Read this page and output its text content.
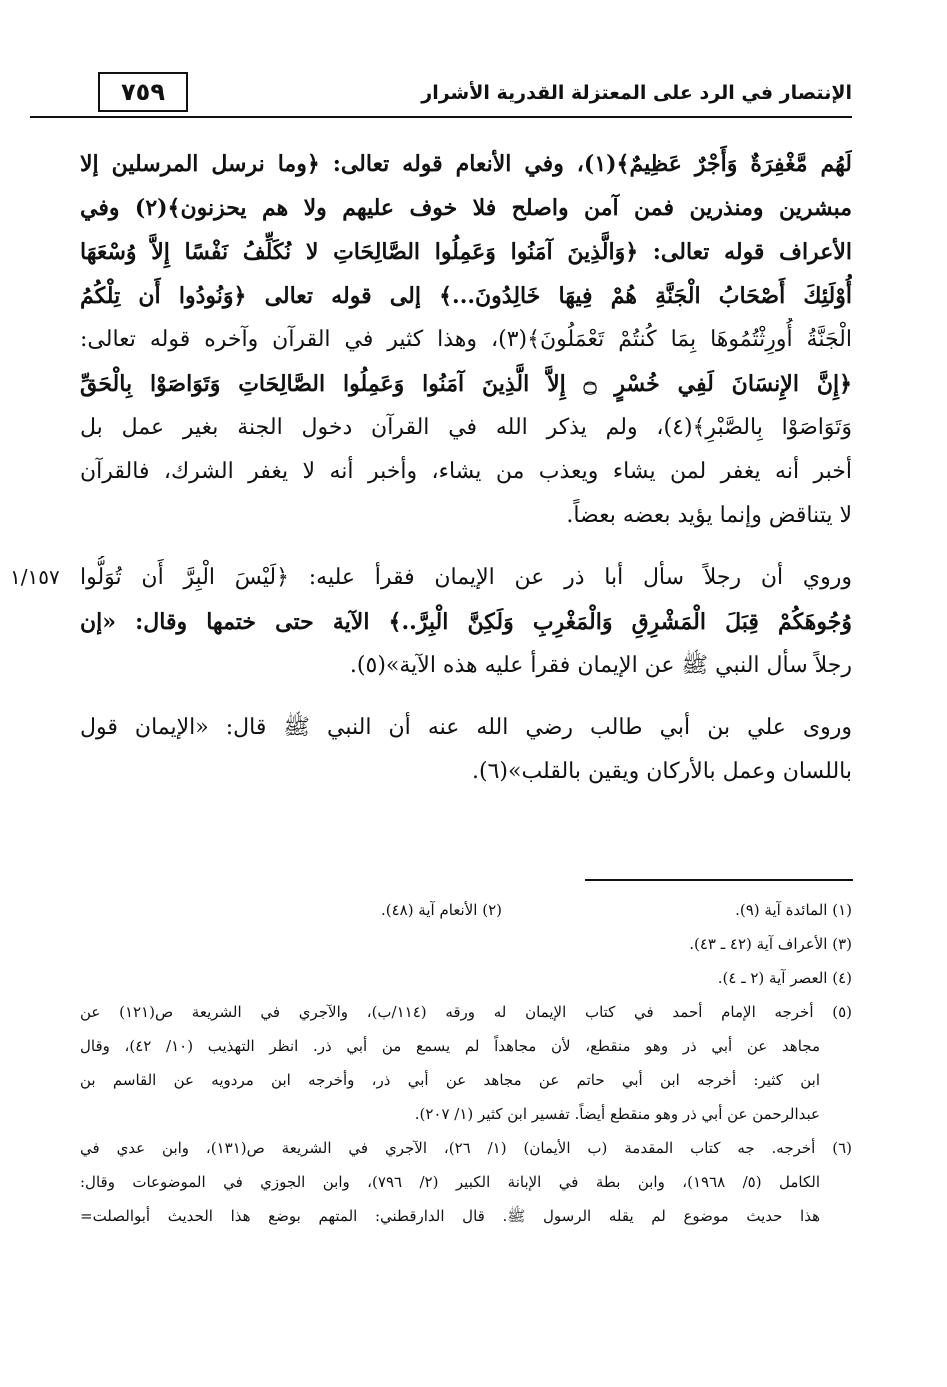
٧٥٩	الإنتصار في الرد على المعتزلة القدرية الأشرار
١/١٥٧
لَهُم مَّغْفِرَةٌ وَأَجْرٌ عَظِيمٌ﴾(١)، وفي الأنعام قوله تعالى: ﴿وما نرسل المرسلين إلا
مبشرين ومنذرين فمن آمن واصلح فلا خوف عليهم ولا هم يحزنون﴾(٢) وفي
الأعراف قوله تعالى: ﴿وَالَّذِينَ آمَنُوا وَعَمِلُوا الصَّالِحَاتِ لا نُكَلِّفُ نَفْسًا إِلاَّ وُسْعَهَا
أُوْلَئِكَ أَصْحَابُ الْجَنَّةِ هُمْ فِيهَا خَالِدُونَ...﴾ إلى قوله تعالى ﴿وَنُودُوا أَن تِلْكُمُ
الْجَنَّةُ أُورِثْتُمُوهَا بِمَا كُنتُمْ تَعْمَلُونَ﴾(٣)، وهذا كثير في القرآن وآخره قوله تعالى:
﴿إِنَّ الإِنسَانَ لَفِي خُسْرٍ ۝ إِلاَّ الَّذِينَ آمَنُوا وَعَمِلُوا الصَّالِحَاتِ وَتَوَاصَوْا بِالْحَقِّ
وَتَوَاصَوْا بِالصَّبْرِ﴾(٤)، ولم يذكر الله في القرآن دخول الجنة بغير عمل بل
أخبر أنه يغفر لمن يشاء ويعذب من يشاء، وأخبر أنه لا يغفر الشرك، فالقرآن
لا يتناقض وإنما يؤيد بعضه بعضاً.
وروي أن رجلاً سأل أبا ذر عن الإيمان فقرأ عليه: ﴿لَيْسَ الْبِرَّ أَن تُوَلُّوا
وُجُوهَكُمْ قِبَلَ الْمَشْرِقِ وَالْمَغْرِبِ وَلَكِنَّ الْبِرَّ..﴾ الآية حتى ختمها وقال: «إن
رجلاً سأل النبي ﷺ عن الإيمان فقرأ عليه هذه الآية»(٥).
وروى علي بن أبي طالب رضي الله عنه أن النبي ﷺ قال: «الإيمان قول
باللسان وعمل بالأركان ويقين بالقلب»(٦).
(١) المائدة آية (٩).
(٢) الأنعام آية (٤٨).
(٣) الأعراف آية (٤٢ ـ ٤٣).
(٤) العصر آية (٢ ـ ٤).
(٥) أخرجه الإمام أحمد في كتاب الإيمان له ورقه (١١٤/ب)، والآجري في الشريعة ص(١٢١) عن
مجاهد عن أبي ذر وهو منقطع، لأن مجاهداً لم يسمع من أبي ذر. انظر التهذيب (١٠/ ٤٢)، وقال
ابن كثير: أخرجه ابن أبي حاتم عن مجاهد عن أبي ذر، وأخرجه ابن مردويه عن القاسم بن
عبدالرحمن عن أبي ذر وهو منقطع أيضاً. تفسير ابن كثير (١/ ٢٠٧).
(٦) أخرجه. جه كتاب المقدمة (ب الأيمان) (١/ ٢٦)، الآجري في الشريعة ص(١٣١)، وابن عدي في
الكامل (٥/ ١٩٦٨)، وابن بطة في الإبانة الكبير (٢/ ٧٩٦)، وابن الجوزي في الموضوعات وقال:
هذا حديث موضوع لم يقله الرسول ﷺ. قال الدارقطني: المتهم بوضع هذا الحديث أبوالصلت=
